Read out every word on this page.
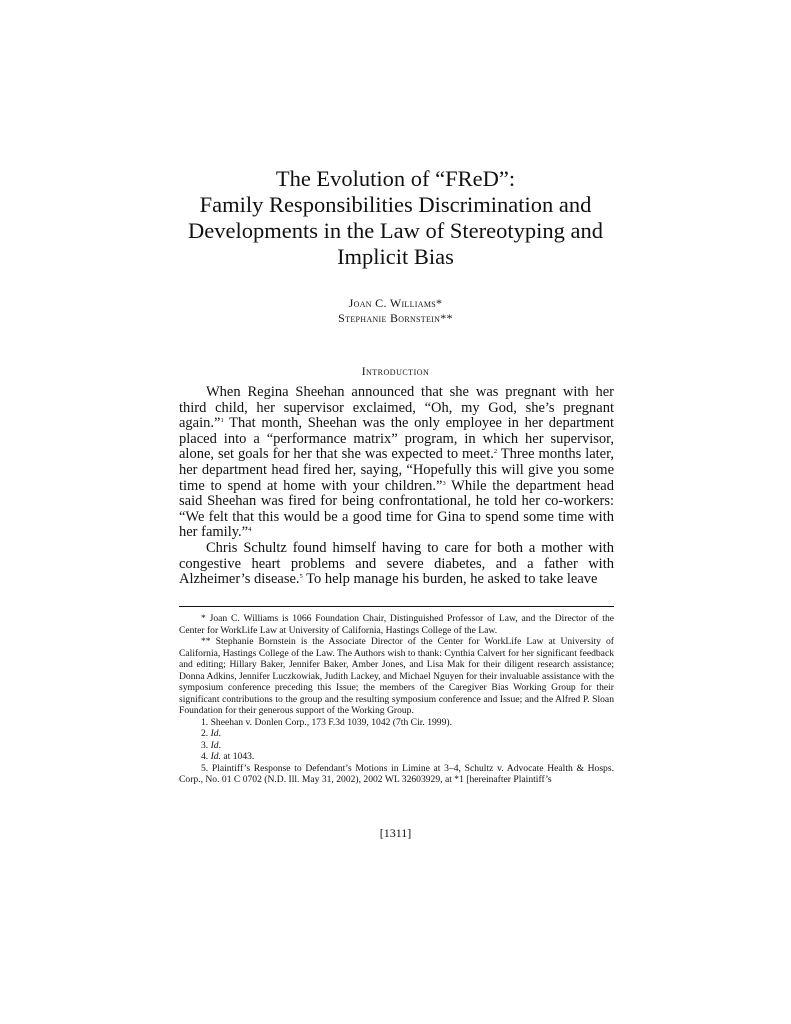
The Evolution of “FReD”:
Family Responsibilities Discrimination and
Developments in the Law of Stereotyping and
Implicit Bias
Joan C. Williams*
Stephanie Bornstein**
Introduction

When Regina Sheehan announced that she was pregnant with her third child, her supervisor exclaimed, “Oh, my God, she’s pregnant again.”$^1$ That month, Sheehan was the only employee in her department placed into a “performance matrix” program, in which her supervisor, alone, set goals for her that she was expected to meet.$^2$ Three months later, her department head fired her, saying, “Hopefully this will give you some time to spend at home with your children.”$^3$ While the department head said Sheehan was fired for being confrontational, he told her co-workers: “We felt that this would be a good time for Gina to spend some time with her family.”$^4$

Chris Schultz found himself having to care for both a mother with congestive heart problems and severe diabetes, and a father with Alzheimer’s disease.$^5$ To help manage his burden, he asked to take leave

* Joan C. Williams is 1066 Foundation Chair, Distinguished Professor of Law, and the Director of the Center for WorkLife Law at University of California, Hastings College of the Law.

** Stephanie Bornstein is the Associate Director of the Center for WorkLife Law at University of California, Hastings College of the Law. The Authors wish to thank: Cynthia Calvert for her significant feedback and editing; Hillary Baker, Jennifer Baker, Amber Jones, and Lisa Mak for their diligent research assistance; Donna Adkins, Jennifer Luczkowiak, Judith Lackey, and Michael Nguyen for their invaluable assistance with the symposium conference preceding this Issue; the members of the Caregiver Bias Working Group for their significant contributions to the group and the resulting symposium conference and Issue; and the Alfred P. Sloan Foundation for their generous support of the Working Group.

1. Sheehan v. Donlen Corp., 173 F.3d 1039, 1042 (7th Cir. 1999).

2. Id.

3. Id.

4. Id. at 1043.

5. Plaintiff’s Response to Defendant’s Motions in Limine at 3–4, Schultz v. Advocate Health & Hosps. Corp., No. 01 C 0702 (N.D. Ill. May 31, 2002), 2002 WL 32603929, at *1 [hereinafter Plaintiff’s

[1311]
